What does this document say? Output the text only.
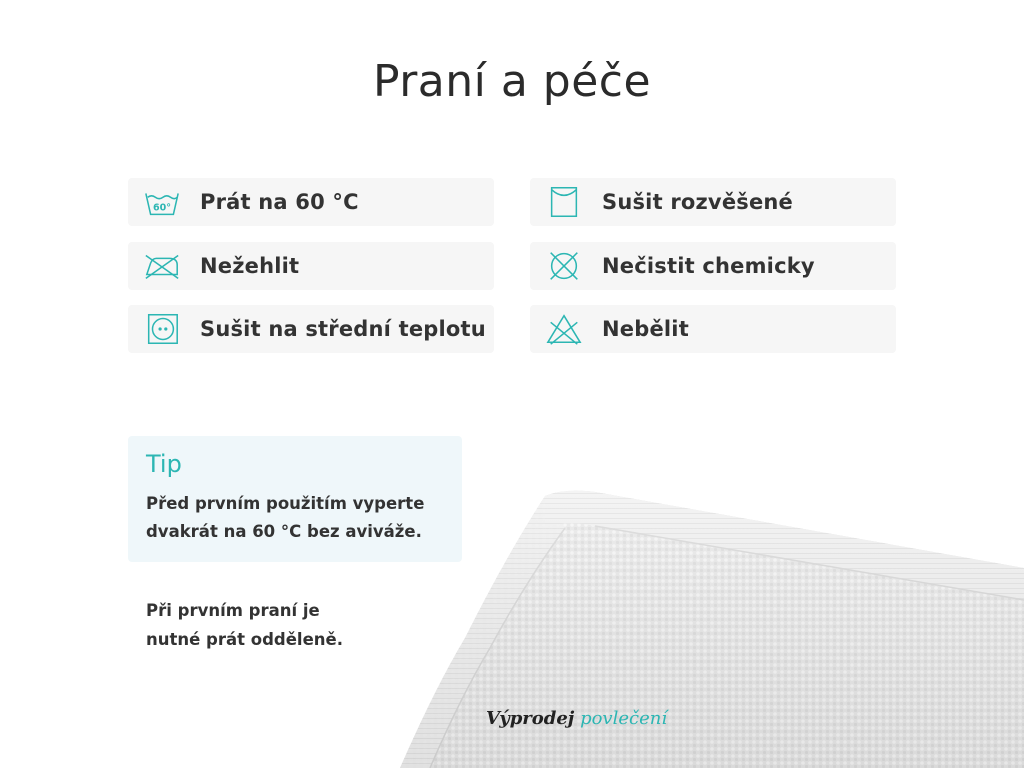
Praní a péče
60° Prát na 60 °C
Nežehlit
Sušit na střední teplotu
Sušit rozvěšené
Nečistit chemicky
Nebělit
Tip
Před prvním použitím vyperte
dvakrát na 60 °C bez aviváže.
Při prvním praní je
nutné prát odděleně.
Výprodej povlečení
